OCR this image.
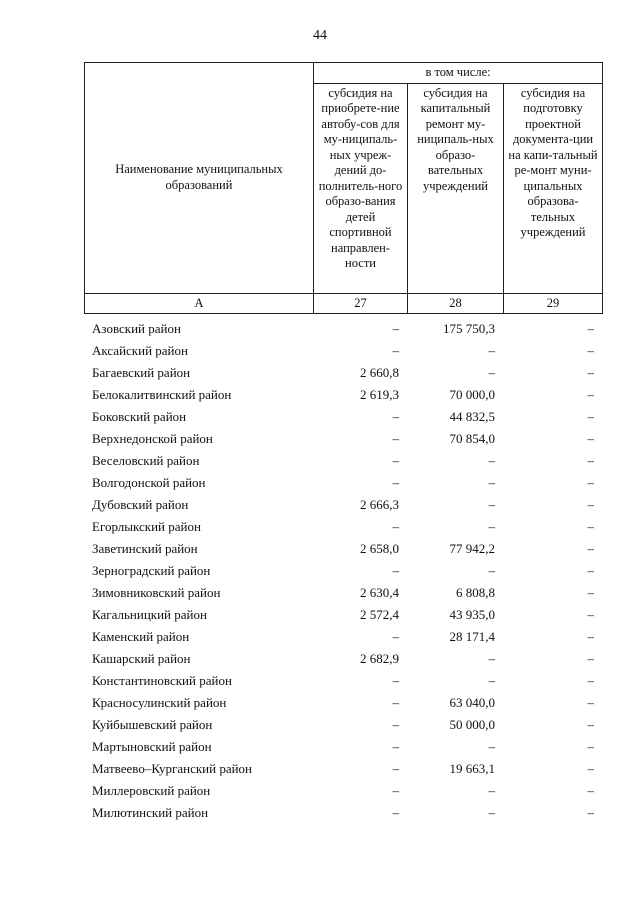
44
Наименование муниципальных образований	в том числе:		
	субсидия на приобрете-ние автобу-сов для му-ниципаль-ных учреж-дений до-полнитель-ного образо-вания детей спортивной направлен-ности	субсидия на капитальный ремонт му-ниципаль-ных образо-вательных учреждений	субсидия на подготовку проектной документа-ции на капи-тальный ре-монт муни-ципальных образова-тельных учреждений
А	27	28	29
Азовский район	–	175 750,3	–
Аксайский район	–	–	–
Багаевский район	2 660,8	–	–
Белокалитвинский район	2 619,3	70 000,0	–
Боковский район	–	44 832,5	–
Верхнедонской район	–	70 854,0	–
Веселовский район	–	–	–
Волгодонской район	–	–	–
Дубовский район	2 666,3	–	–
Егорлыкский район	–	–	–
Заветинский район	2 658,0	77 942,2	–
Зерноградский район	–	–	–
Зимовниковский район	2 630,4	6 808,8	–
Кагальницкий район	2 572,4	43 935,0	–
Каменский район	–	28 171,4	–
Кашарский район	2 682,9	–	–
Константиновский район	–	–	–
Красносулинский район	–	63 040,0	–
Куйбышевский район	–	50 000,0	–
Мартыновский район	–	–	–
Матвеево–Курганский район	–	19 663,1	–
Миллеровский район	–	–	–
Милютинский район	–	–	–
